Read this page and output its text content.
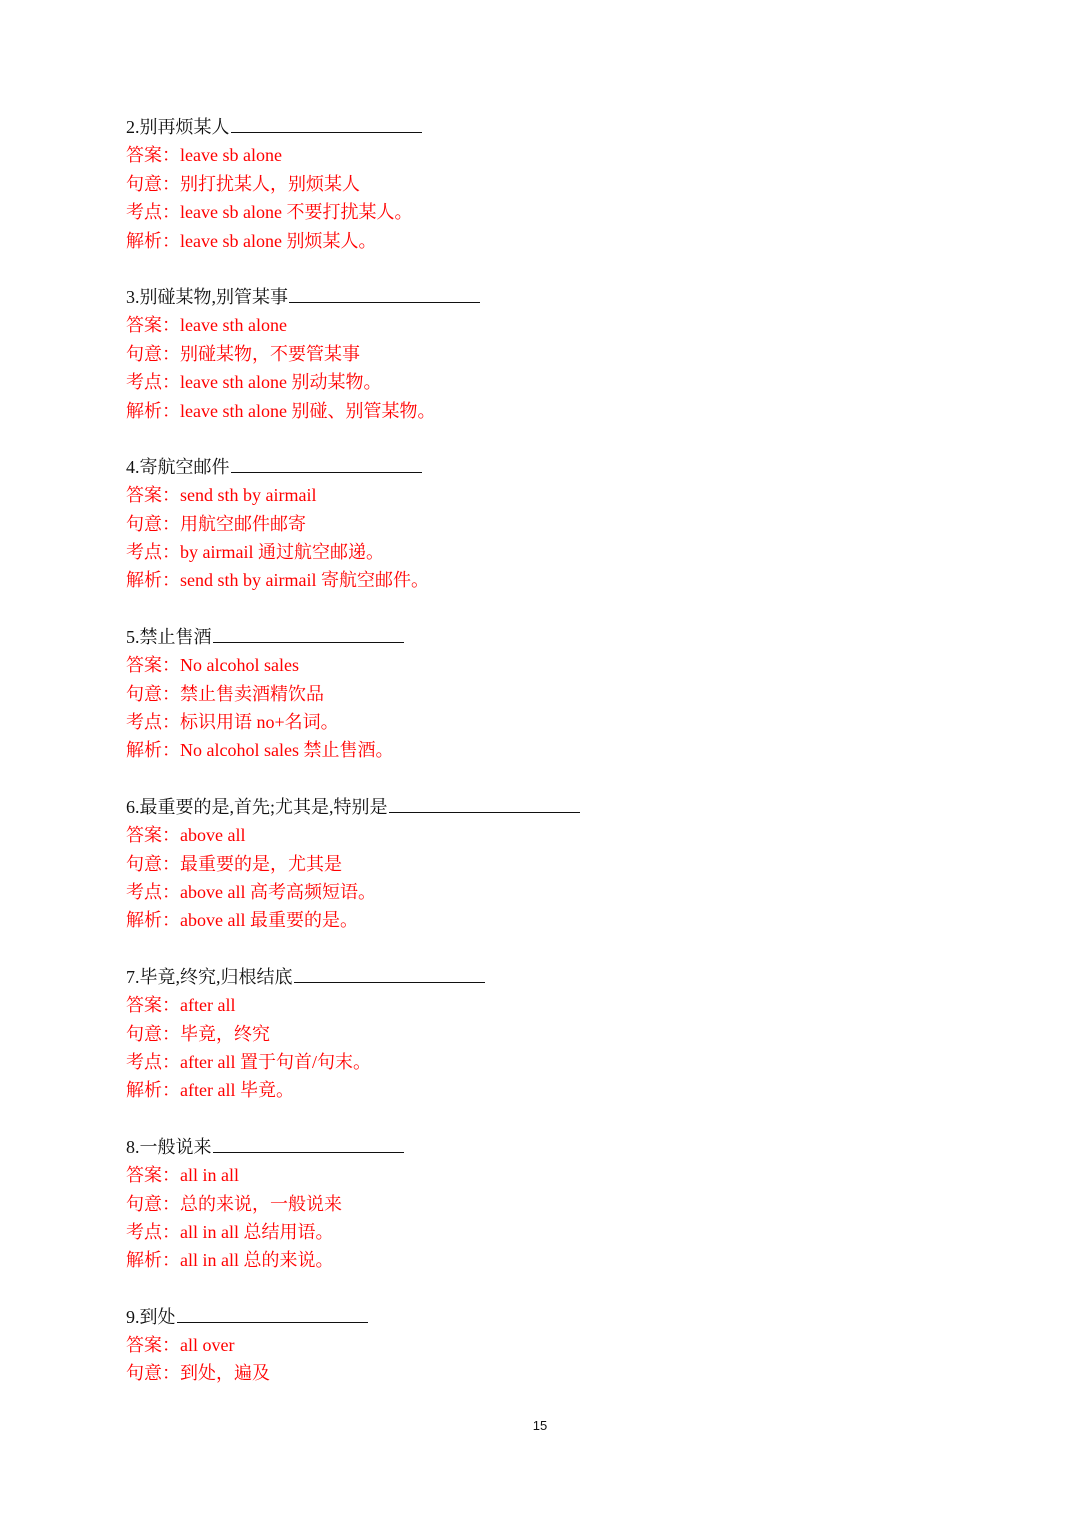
2.别再烦某人
答案：leave sb alone
句意：别打扰某人，别烦某人
考点：leave sb alone 不要打扰某人。
解析：leave sb alone 别烦某人。
3.别碰某物,别管某事
答案：leave sth alone
句意：别碰某物，不要管某事
考点：leave sth alone 别动某物。
解析：leave sth alone 别碰、别管某物。
4.寄航空邮件
答案：send sth by airmail
句意：用航空邮件邮寄
考点：by airmail 通过航空邮递。
解析：send sth by airmail 寄航空邮件。
5.禁止售酒
答案：No alcohol sales
句意：禁止售卖酒精饮品
考点：标识用语 no+名词。
解析：No alcohol sales 禁止售酒。
6.最重要的是,首先;尤其是,特别是
答案：above all
句意：最重要的是，尤其是
考点：above all 高考高频短语。
解析：above all 最重要的是。
7.毕竟,终究,归根结底
答案：after all
句意：毕竟，终究
考点：after all 置于句首/句末。
解析：after all 毕竟。
8.一般说来
答案：all in all
句意：总的来说，一般说来
考点：all in all 总结用语。
解析：all in all 总的来说。
9.到处
答案：all over
句意：到处，遍及
15
